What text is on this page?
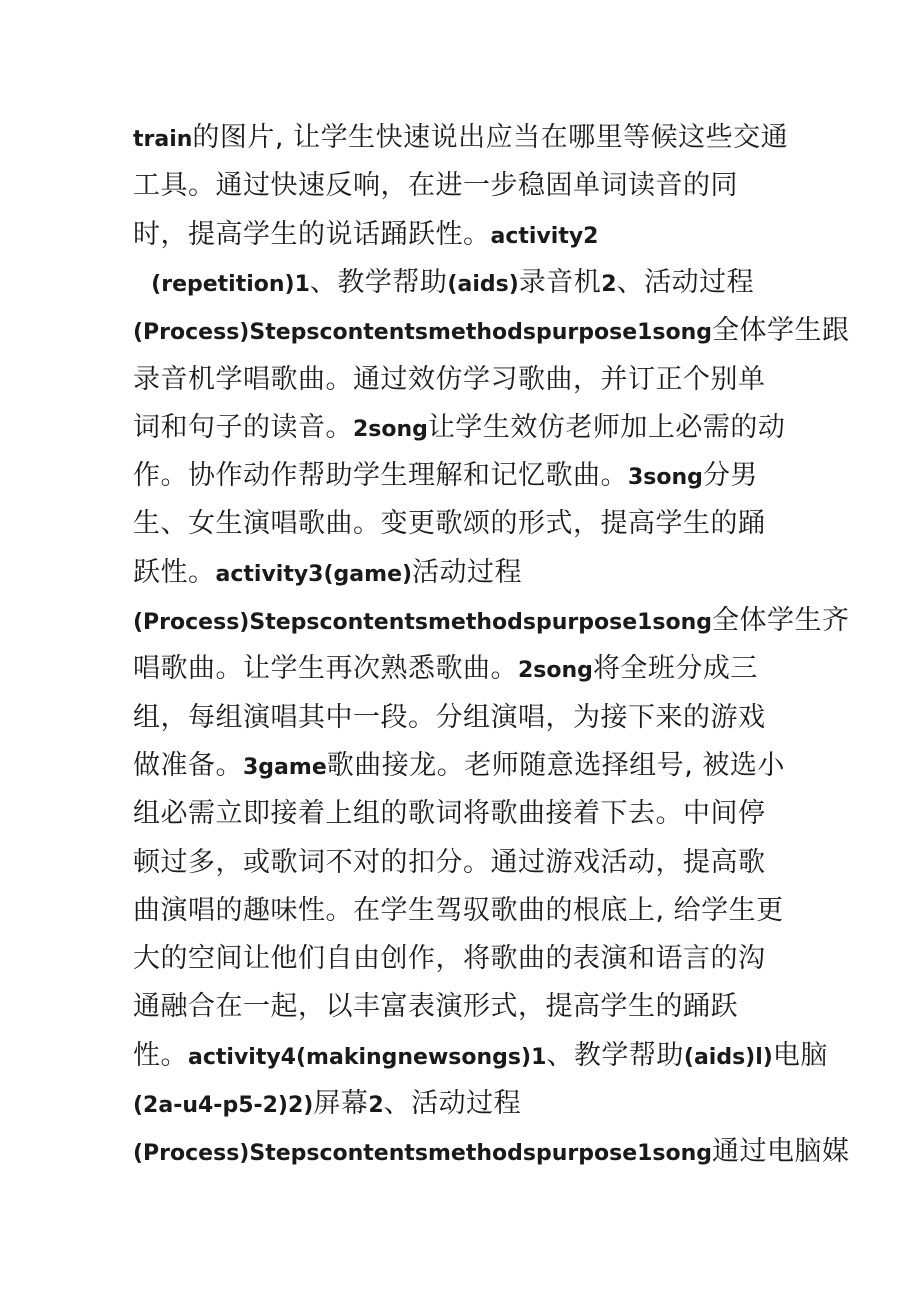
train的图片, 让学生快速说出应当在哪里等候这些交通
工具。通过快速反响，在进一步稳固单词读音的同
时，提高学生的说话踊跃性。activity2
(repetition)1、教学帮助(aids)录音机2、活动过程
(Process)Stepscontentsmethodspurpose1song全体学生跟
录音机学唱歌曲。通过效仿学习歌曲，并订正个别单
词和句子的读音。2song让学生效仿老师加上必需的动
作。协作动作帮助学生理解和记忆歌曲。3song分男
生、女生演唱歌曲。变更歌颂的形式，提高学生的踊
跃性。activity3(game)活动过程
(Process)Stepscontentsmethodspurpose1song全体学生齐
唱歌曲。让学生再次熟悉歌曲。2song将全班分成三
组，每组演唱其中一段。分组演唱，为接下来的游戏
做准备。3game歌曲接龙。老师随意选择组号, 被选小
组必需立即接着上组的歌词将歌曲接着下去。中间停
顿过多，或歌词不对的扣分。通过游戏活动，提高歌
曲演唱的趣味性。在学生驾驭歌曲的根底上, 给学生更
大的空间让他们自由创作，将歌曲的表演和语言的沟
通融合在一起，以丰富表演形式，提高学生的踊跃
性。activity4(makingnewsongs)1、教学帮助(aids)l)电脑
(2a-u4-p5-2)2)屏幕2、活动过程
(Process)Stepscontentsmethodspurpose1song通过电脑媒
